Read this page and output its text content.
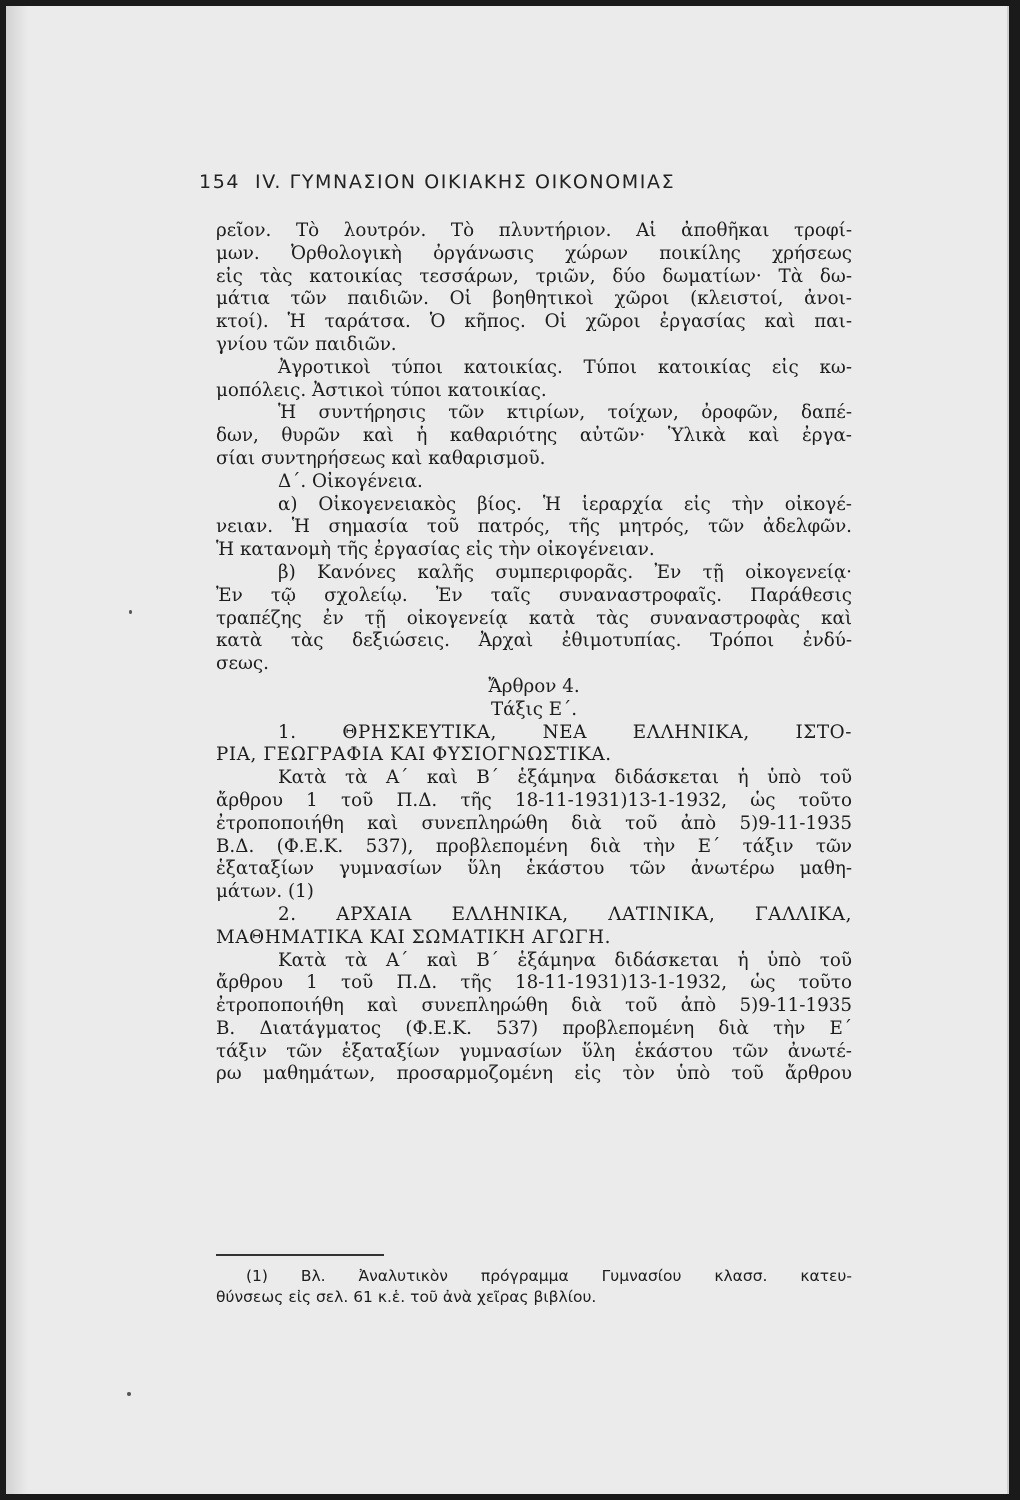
154 IV. ΓΥΜΝΑΣΙΟΝ ΟΙΚΙΑΚΗΣ ΟΙΚΟΝΟΜΙΑΣ
ρεῖον. Τὸ λουτρόν. Τὸ πλυντήριον. Αἱ ἀποθῆκαι τροφί-
μων. Ὀρθολογικὴ ὀργάνωσις χώρων ποικίλης χρήσεως
εἰς τὰς κατοικίας τεσσάρων, τριῶν, δύο δωματίων· Τὰ δω-
μάτια τῶν παιδιῶν. Οἱ βοηθητικοὶ χῶροι (κλειστοί, ἀνοι-
κτοί). Ἡ ταράτσα. Ὁ κῆπος. Οἱ χῶροι ἐργασίας καὶ παι-
γνίου τῶν παιδιῶν.
Ἀγροτικοὶ τύποι κατοικίας. Τύποι κατοικίας εἰς κω-
μοπόλεις. Ἀστικοὶ τύποι κατοικίας.
Ἡ συντήρησις τῶν κτιρίων, τοίχων, ὀροφῶν, δαπέ-
δων, θυρῶν καὶ ἡ καθαριότης αὐτῶν· Ὑλικὰ καὶ ἐργα-
σίαι συντηρήσεως καὶ καθαρισμοῦ.
Δ΄. Οἰκογένεια.
α) Οἰκογενειακὸς βίος. Ἡ ἱεραρχία εἰς τὴν οἰκογέ-
νειαν. Ἡ σημασία τοῦ πατρός, τῆς μητρός, τῶν ἀδελφῶν.
Ἡ κατανομὴ τῆς ἐργασίας εἰς τὴν οἰκογένειαν.
β) Κανόνες καλῆς συμπεριφορᾶς. Ἐν τῇ οἰκογενείᾳ·
Ἐν τῷ σχολείῳ. Ἐν ταῖς συναναστροφαῖς. Παράθεσις
τραπέζης ἐν τῇ οἰκογενείᾳ κατὰ τὰς συναναστροφὰς καὶ
κατὰ τὰς δεξιώσεις. Ἀρχαὶ ἐθιμοτυπίας. Τρόποι ἐνδύ-
σεως.
Ἄρθρον 4.
Τάξις Ε΄.
1. ΘΡΗΣΚΕΥΤΙΚΑ, ΝΕΑ ΕΛΛΗΝΙΚΑ, ΙΣΤΟ-
ΡΙΑ, ΓΕΩΓΡΑΦΙΑ ΚΑΙ ΦΥΣΙΟΓΝΩΣΤΙΚΑ.
Κατὰ τὰ Α΄ καὶ Β΄ ἑξάμηνα διδάσκεται ἡ ὑπὸ τοῦ
ἄρθρου 1 τοῦ Π.Δ. τῆς 18-11-1931)13-1-1932, ὡς τοῦτο
ἐτροποποιήθη καὶ συνεπληρώθη διὰ τοῦ ἀπὸ 5)9-11-1935
Β.Δ. (Φ.Ε.Κ. 537), προβλεπομένη διὰ τὴν Ε΄ τάξιν τῶν
ἑξαταξίων γυμνασίων ὕλη ἑκάστου τῶν ἀνωτέρω μαθη-
μάτων. (1)
2. ΑΡΧΑΙΑ ΕΛΛΗΝΙΚΑ, ΛΑΤΙΝΙΚΑ, ΓΑΛΛΙΚΑ,
ΜΑΘΗΜΑΤΙΚΑ ΚΑΙ ΣΩΜΑΤΙΚΗ ΑΓΩΓΗ.
Κατὰ τὰ Α΄ καὶ Β΄ ἑξάμηνα διδάσκεται ἡ ὑπὸ τοῦ
ἄρθρου 1 τοῦ Π.Δ. τῆς 18-11-1931)13-1-1932, ὡς τοῦτο
ἐτροποποιήθη καὶ συνεπληρώθη διὰ τοῦ ἀπὸ 5)9-11-1935
Β. Διατάγματος (Φ.Ε.Κ. 537) προβλεπομένη διὰ τὴν Ε΄
τάξιν τῶν ἑξαταξίων γυμνασίων ὕλη ἑκάστου τῶν ἀνωτέ-
ρω μαθημάτων, προσαρμοζομένη εἰς τὸν ὑπὸ τοῦ ἄρθρου
(1) Βλ. Ἀναλυτικὸν πρόγραμμα Γυμνασίου κλασσ. κατευ-
θύνσεως εἰς σελ. 61 κ.ἑ. τοῦ ἀνὰ χεῖρας βιβλίου.
